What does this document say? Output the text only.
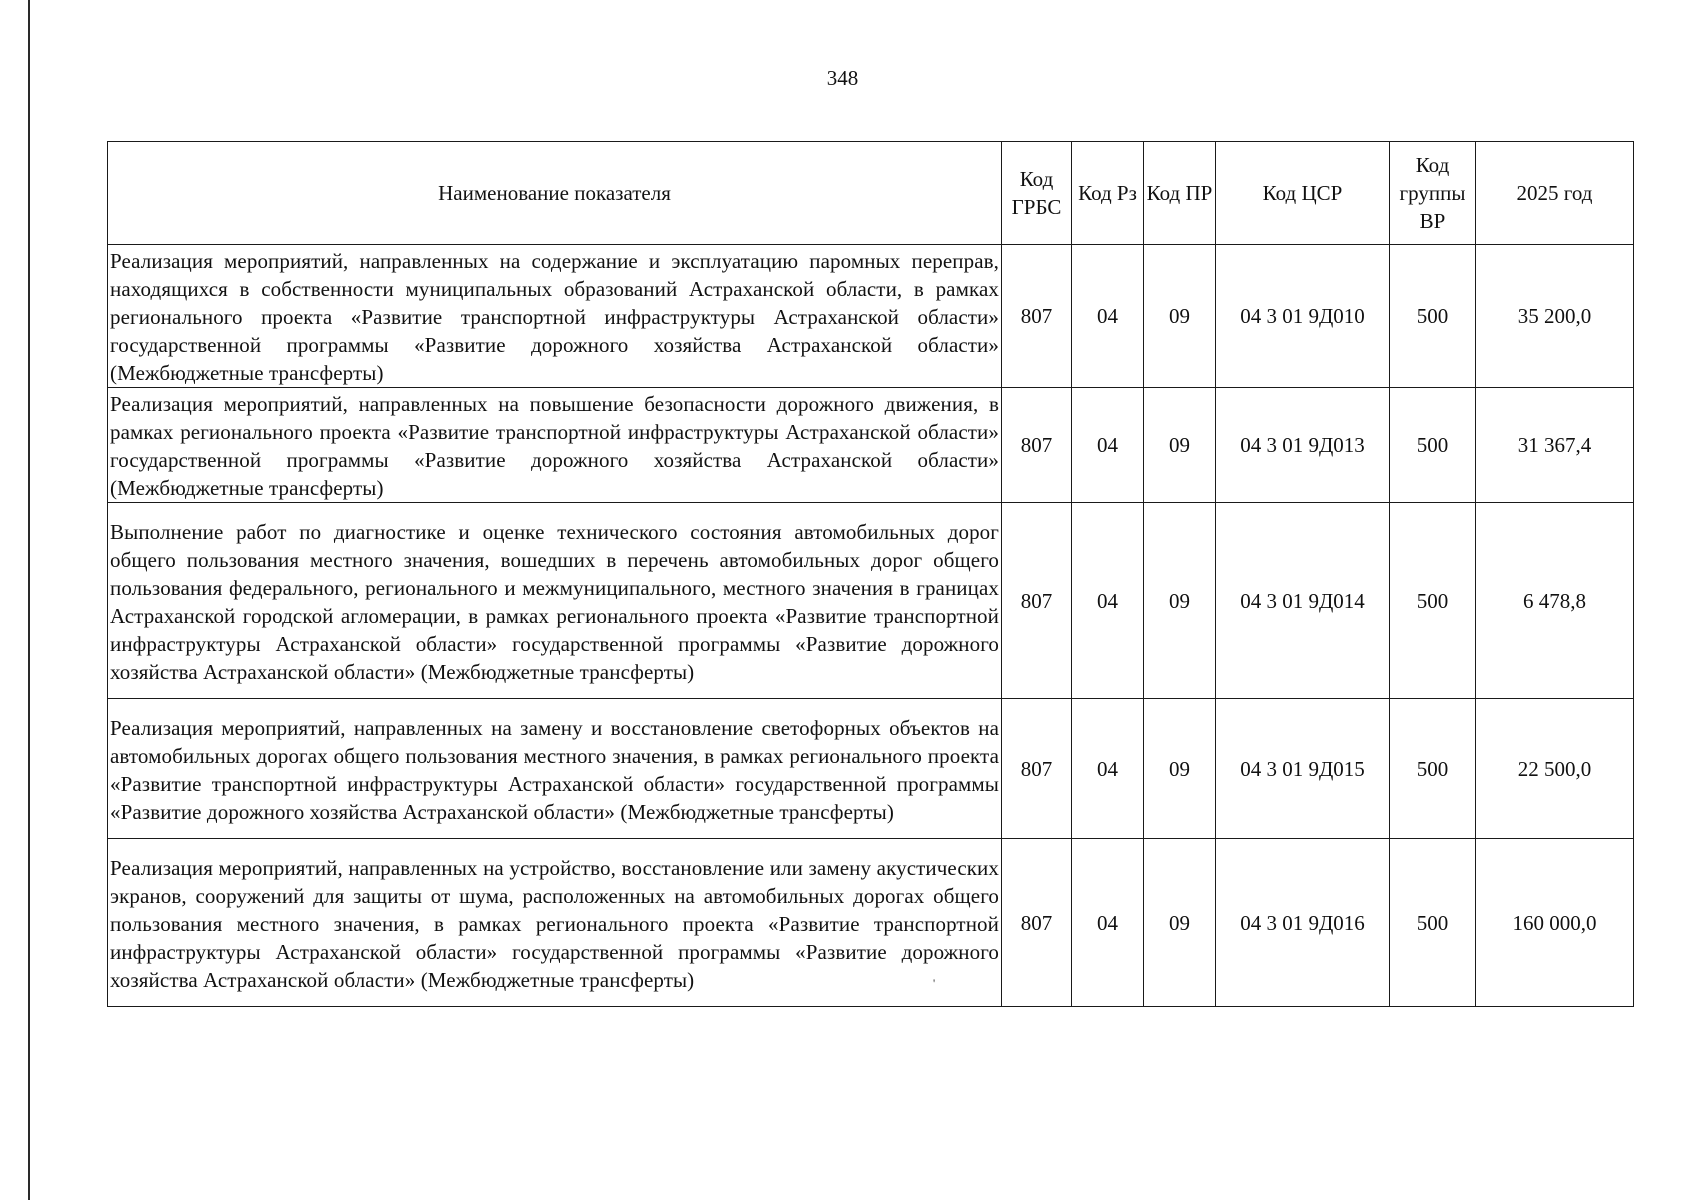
348
Наименование показателя	Код ГРБС	Код Рз	Код ПР	Код ЦСР	Код группы ВР	2025 год
Реализация мероприятий, направленных на содержание и эксплуатацию паромных переправ, находящихся в собственности муниципальных образований Астраханской области, в рамках регионального проекта «Развитие транспортной инфраструктуры Астраханской области» государственной программы «Развитие дорожного хозяйства Астраханской области» (Межбюджетные трансферты)	807	04	09	04 3 01 9Д010	500	35 200,0
Реализация мероприятий, направленных на повышение безопасности дорожного движения, в рамках регионального проекта «Развитие транспортной инфраструктуры Астраханской области» государственной программы «Развитие дорожного хозяйства Астраханской области» (Межбюджетные трансферты)	807	04	09	04 3 01 9Д013	500	31 367,4
Выполнение работ по диагностике и оценке технического состояния автомобильных дорог общего пользования местного значения, вошедших в перечень автомобильных дорог общего пользования федерального, регионального и межмуниципального, местного значения в границах Астраханской городской агломерации, в рамках регионального проекта «Развитие транспортной инфраструктуры Астраханской области» государственной программы «Развитие дорожного хозяйства Астраханской области» (Межбюджетные трансферты)	807	04	09	04 3 01 9Д014	500	6 478,8
Реализация мероприятий, направленных на замену и восстановление светофорных объектов на автомобильных дорогах общего пользования местного значения, в рамках регионального проекта «Развитие транспортной инфраструктуры Астраханской области» государственной программы «Развитие дорожного хозяйства Астраханской области» (Межбюджетные трансферты)	807	04	09	04 3 01 9Д015	500	22 500,0
Реализация мероприятий, направленных на устройство, восстановление или замену акустических экранов, сооружений для защиты от шума, расположенных на автомобильных дорогах общего пользования местного значения, в рамках регионального проекта «Развитие транспортной инфраструктуры Астраханской области» государственной программы «Развитие дорожного хозяйства Астраханской области» (Межбюджетные трансферты)	807	04	09	04 3 01 9Д016	500	160 000,0
'
